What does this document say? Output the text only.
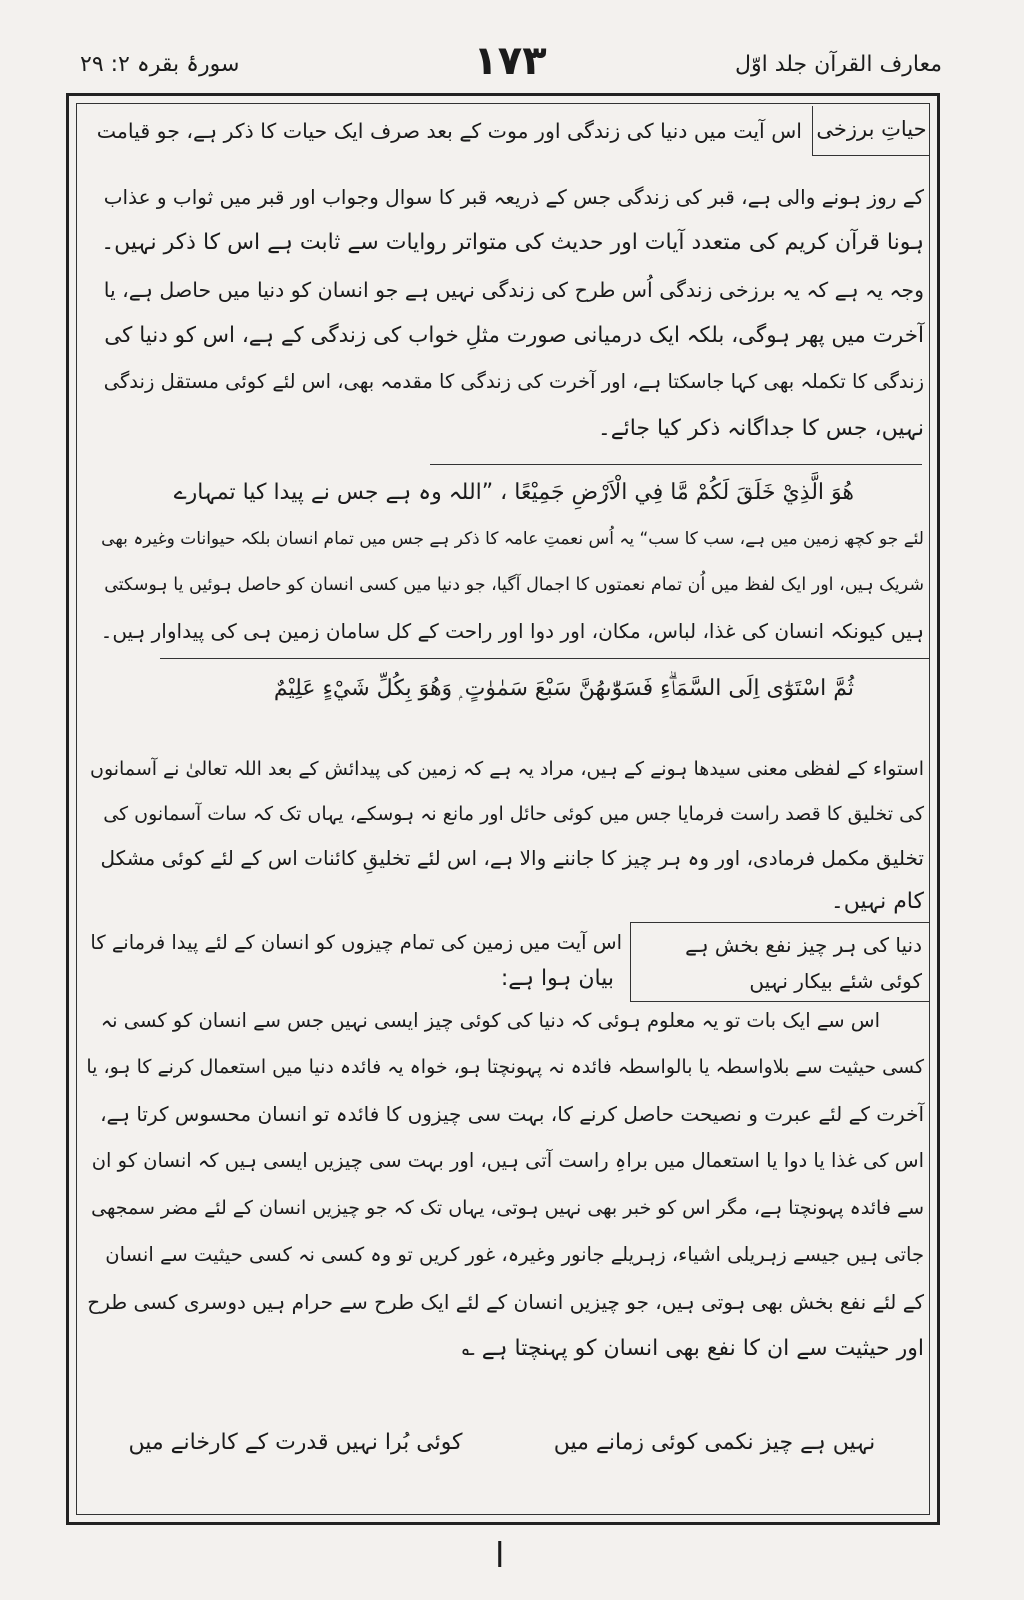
معارف القرآن جلد اوّل
۱۷۳
سورۂ بقرہ ۲: ۲۹
حیاتِ برزخی
اس آیت میں دنیا کی زندگی اور موت کے بعد صرف ایک حیات کا ذکر ہے، جو قیامت
کے روز ہونے والی ہے، قبر کی زندگی جس کے ذریعہ قبر کا سوال وجواب اور قبر میں ثواب و عذاب
ہونا قرآن کریم کی متعدد آیات اور حدیث کی متواتر روایات سے ثابت ہے اس کا ذکر نہیں۔
وجہ یہ ہے کہ یہ برزخی زندگی اُس طرح کی زندگی نہیں ہے جو انسان کو دنیا میں حاصل ہے، یا
آخرت میں پھر ہوگی، بلکہ ایک درمیانی صورت مثلِ خواب کی زندگی کے ہے، اس کو دنیا کی
زندگی کا تکملہ بھی کہا جاسکتا ہے، اور آخرت کی زندگی کا مقدمہ بھی، اس لئے کوئی مستقل زندگی
نہیں، جس کا جداگانہ ذکر کیا جائے۔
هُوَ الَّذِيْ خَلَقَ لَكُمْ مَّا فِي الْاَرْضِ جَمِيْعًا ، ”اللہ وہ ہے جس نے پیدا کیا تمہارے
لئے جو کچھ زمین میں ہے، سب کا سب“ یہ اُس نعمتِ عامہ کا ذکر ہے جس میں تمام انسان بلکہ حیوانات وغیرہ بھی
شریک ہیں، اور ایک لفظ میں اُن تمام نعمتوں کا اجمال آگیا، جو دنیا میں کسی انسان کو حاصل ہوئیں یا ہوسکتی
ہیں کیونکہ انسان کی غذا، لباس، مکان، اور دوا اور راحت کے کل سامان زمین ہی کی پیداوار ہیں۔
ثُمَّ اسْتَوٰٓى اِلَى السَّمَاۗءِ فَسَوّٰىهُنَّ سَبْعَ سَمٰوٰتٍ ۭ وَھُوَ بِكُلِّ شَيْءٍ عَلِيْمٌ
استواء کے لفظی معنی سیدھا ہونے کے ہیں، مراد یہ ہے کہ زمین کی پیدائش کے بعد اللہ تعالیٰ نے آسمانوں
کی تخلیق کا قصد راست فرمایا جس میں کوئی حائل اور مانع نہ ہوسکے، یہاں تک کہ سات آسمانوں کی
تخلیق مکمل فرمادی، اور وہ ہر چیز کا جاننے والا ہے، اس لئے تخلیقِ کائنات اس کے لئے کوئی مشکل
کام نہیں۔
دنیا کی ہر چیز نفع بخش ہے
کوئی شئے بیکار نہیں
اس آیت میں زمین کی تمام چیزوں کو انسان کے لئے پیدا فرمانے کا
بیان ہوا ہے:
اس سے ایک بات تو یہ معلوم ہوئی کہ دنیا کی کوئی چیز ایسی نہیں جس سے انسان کو کسی نہ
کسی حیثیت سے بلاواسطہ یا بالواسطہ فائدہ نہ پہونچتا ہو، خواہ یہ فائدہ دنیا میں استعمال کرنے کا ہو، یا
آخرت کے لئے عبرت و نصیحت حاصل کرنے کا، بہت سی چیزوں کا فائدہ تو انسان محسوس کرتا ہے،
اس کی غذا یا دوا یا استعمال میں براہِ راست آتی ہیں، اور بہت سی چیزیں ایسی ہیں کہ انسان کو ان
سے فائدہ پہونچتا ہے، مگر اس کو خبر بھی نہیں ہوتی، یہاں تک کہ جو چیزیں انسان کے لئے مضر سمجھی
جاتی ہیں جیسے زہریلی اشیاء، زہریلے جانور وغیرہ، غور کریں تو وہ کسی نہ کسی حیثیت سے انسان
کے لئے نفع بخش بھی ہوتی ہیں، جو چیزیں انسان کے لئے ایک طرح سے حرام ہیں دوسری کسی طرح
اور حیثیت سے ان کا نفع بھی انسان کو پہنچتا ہے ؎
نہیں ہے چیز نکمی کوئی زمانے میں
کوئی بُرا نہیں قدرت کے کارخانے میں
ا
